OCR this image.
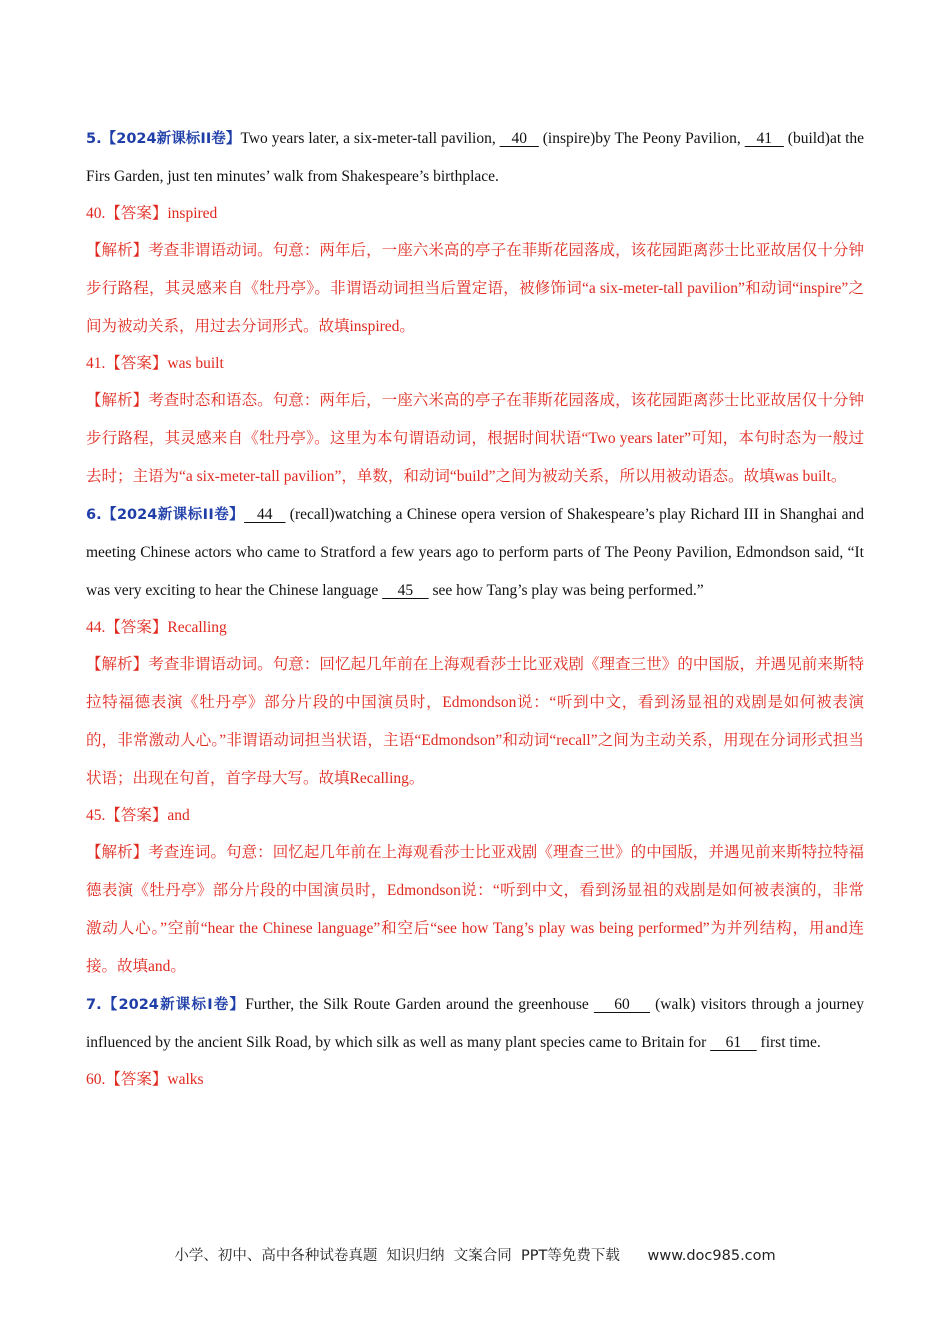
5.【2024新课标ⅠⅠ卷】Two years later, a six-meter-tall pavilion,    40    (inspire)by The Peony Pavilion,    41    (build)at the Firs Garden, just ten minutes’ walk from Shakespeare’s birthplace.

40.【答案】inspired

【解析】考查非谓语动词。句意：两年后，一座六米高的亭子在菲斯花园落成，该花园距离莎士比亚故居仅十分钟步行路程，其灵感来自《牡丹亭》。非谓语动词担当后置定语，被修饰词“a six-meter-tall pavilion”和动词“inspire”之间为被动关系，用过去分词形式。故填inspired。

41.【答案】was built

【解析】考查时态和语态。句意：两年后，一座六米高的亭子在菲斯花园落成，该花园距离莎士比亚故居仅十分钟步行路程，其灵感来自《牡丹亭》。这里为本句谓语动词，根据时间状语“Two years later”可知，本句时态为一般过去时；主语为“a six-meter-tall pavilion”，单数，和动词“build”之间为被动关系，所以用被动语态。故填was built。

6.【2024新课标ⅠⅠ卷】   44    (recall)watching a Chinese opera version of Shakespeare’s play Richard III in Shanghai and meeting Chinese actors who came to Stratford a few years ago to perform parts of The Peony Pavilion, Edmondson said, “It was very exciting to hear the Chinese language     45     see how Tang’s play was being performed.”

44.【答案】Recalling

【解析】考查非谓语动词。句意：回忆起几年前在上海观看莎士比亚戏剧《理查三世》的中国版，并遇见前来斯特拉特福德表演《牡丹亭》部分片段的中国演员时，Edmondson说：“听到中文，看到汤显祖的戏剧是如何被表演的，非常激动人心。”非谓语动词担当状语，主语“Edmondson”和动词“recall”之间为主动关系，用现在分词形式担当状语；出现在句首，首字母大写。故填Recalling。

45.【答案】and

【解析】考查连词。句意：回忆起几年前在上海观看莎士比亚戏剧《理查三世》的中国版，并遇见前来斯特拉特福德表演《牡丹亭》部分片段的中国演员时，Edmondson说：“听到中文，看到汤显祖的戏剧是如何被表演的，非常激动人心。”空前“hear the Chinese language”和空后“see how Tang’s play was being performed”为并列结构，用and连接。故填and。

7.【2024新课标Ⅰ卷】Further, the Silk Route Garden around the greenhouse     60     (walk) visitors through a journey influenced by the ancient Silk Road, by which silk as well as many plant species came to Britain for     61     first time.

60.【答案】walks

小学、初中、高中各种试卷真题  知识归纳  文案合同  PPT等免费下载      www.doc985.com
